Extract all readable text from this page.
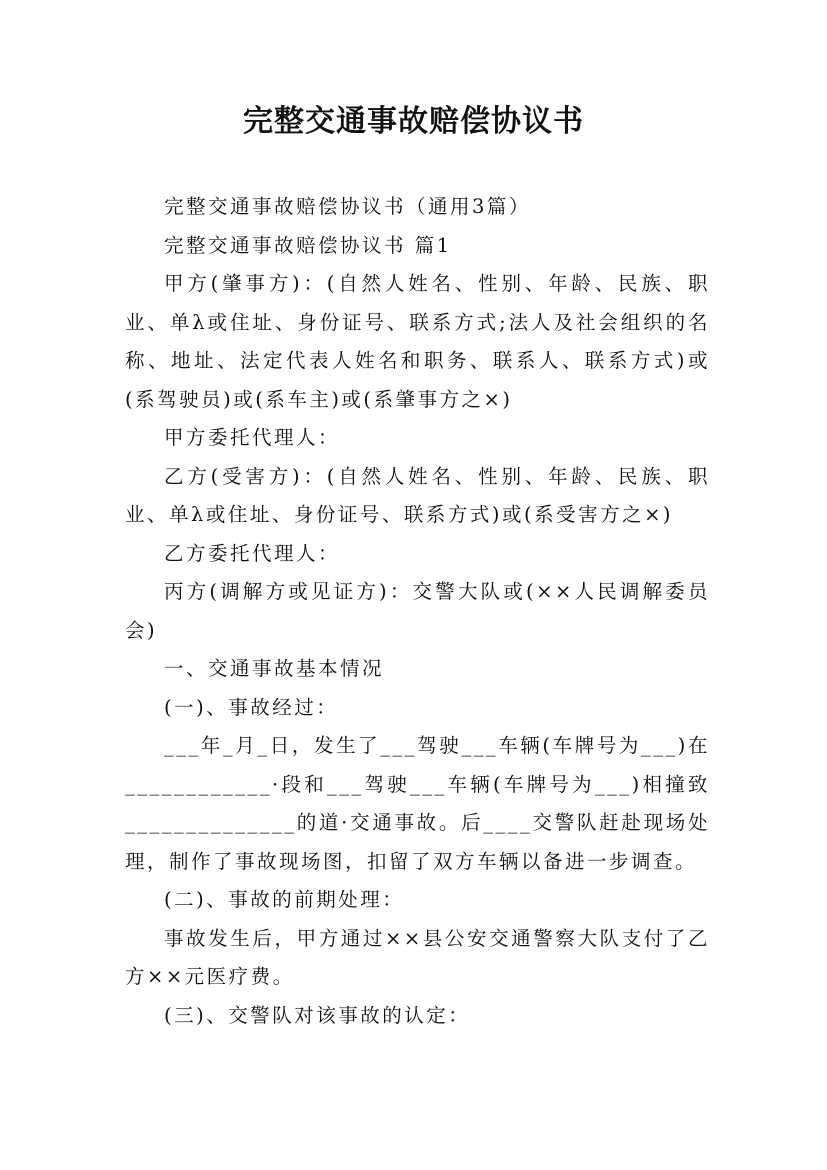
完整交通事故赔偿协议书

完整交通事故赔偿协议书（通用3篇）

完整交通事故赔偿协议书 篇1

甲方(肇事方)：(自然人姓名、性别、年龄、民族、职业、单λ或住址、身份证号、联系方式;法人及社会组织的名称、地址、法定代表人姓名和职务、联系人、联系方式)或(系驾驶员)或(系车主)或(系肇事方之×)

甲方委托代理人：

乙方(受害方)：(自然人姓名、性别、年龄、民族、职业、单λ或住址、身份证号、联系方式)或(系受害方之×)

乙方委托代理人：

丙方(调解方或见证方)：交警大队或(××人民调解委员会)

一、交通事故基本情况

(一)、事故经过：

___年_月_日，发生了___驾驶___车辆(车牌号为___)在____________·段和___驾驶___车辆(车牌号为___)相撞致______________的道·交通事故。后____交警队赶赴现场处理，制作了事故现场图，扣留了双方车辆以备进一步调查。

(二)、事故的前期处理：

事故发生后，甲方通过××县公安交通警察大队支付了乙方××元医疗费。

(三)、交警队对该事故的认定：
